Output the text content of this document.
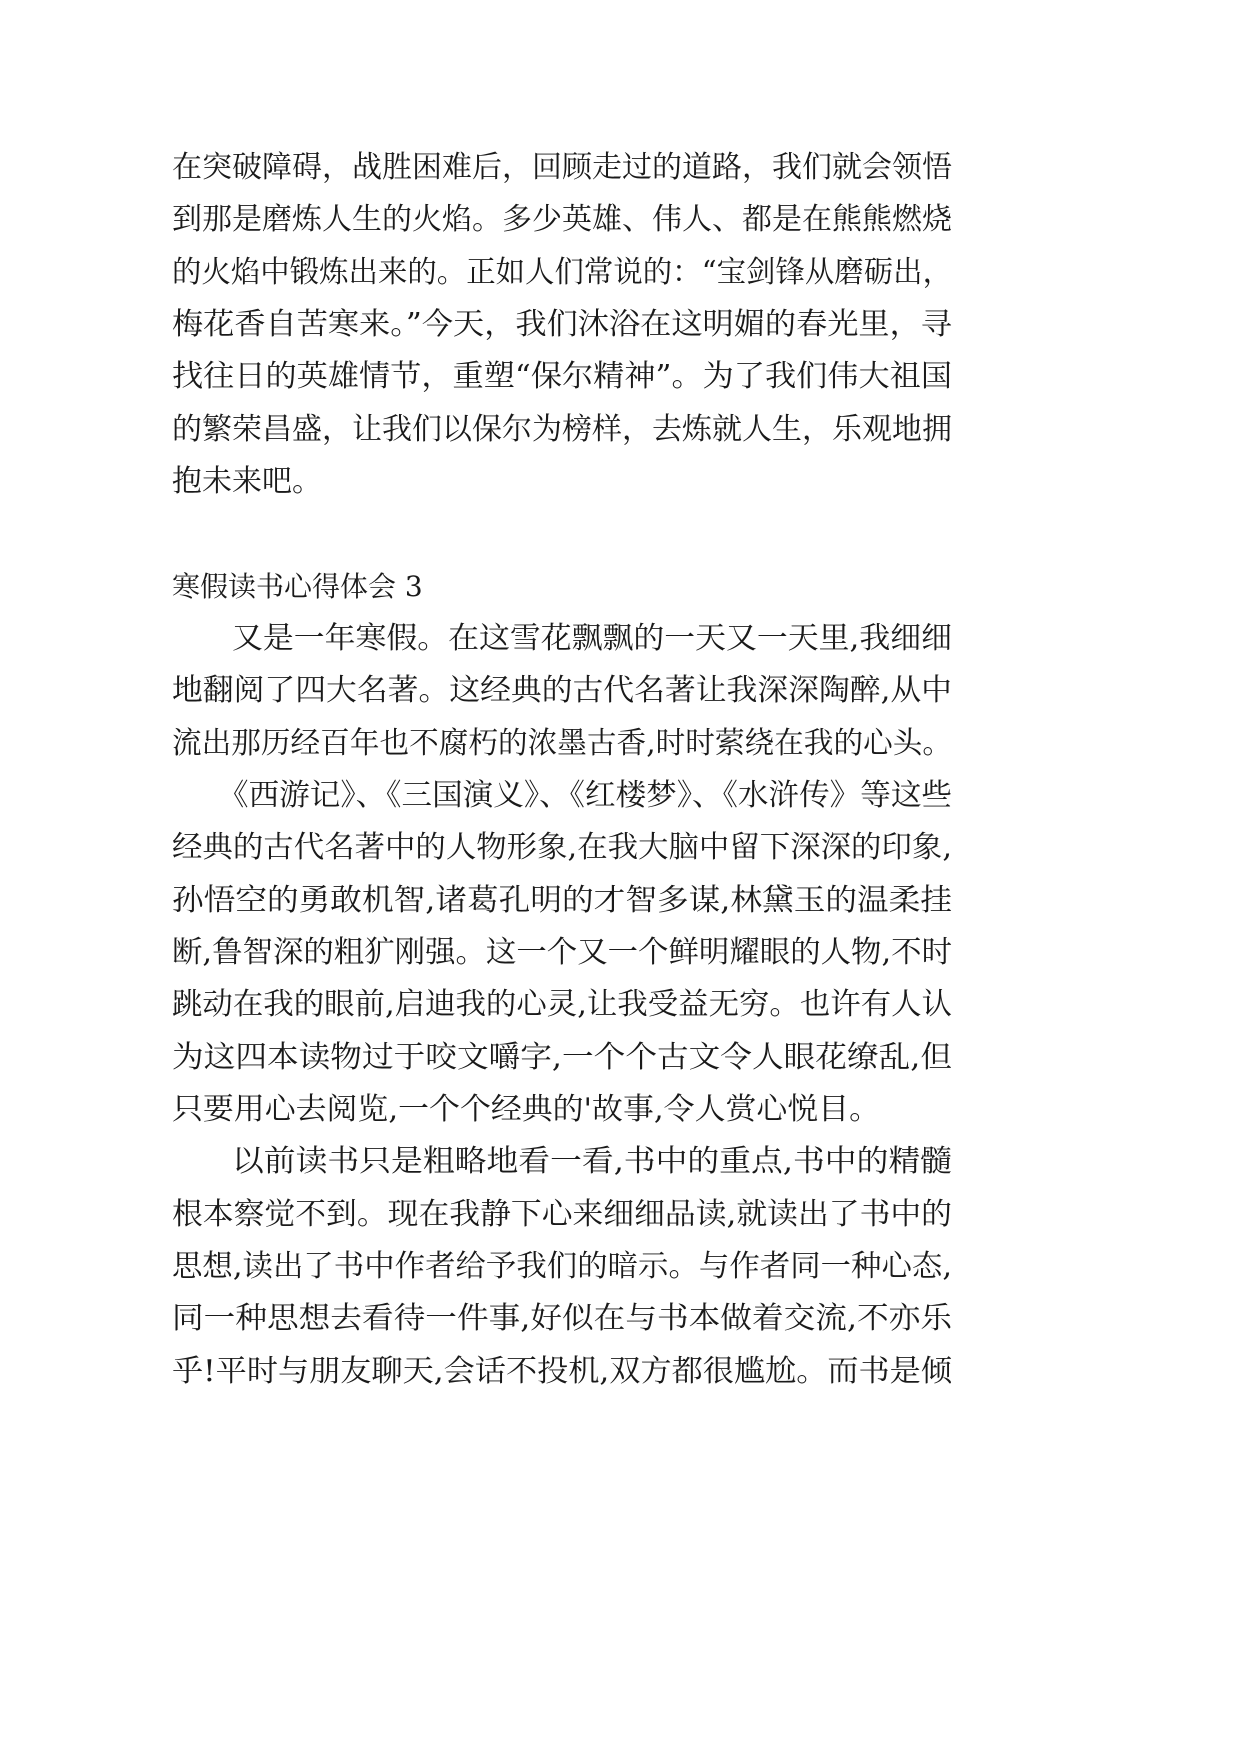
在突破障碍，战胜困难后，回顾走过的道路，我们就会领悟
到那是磨炼人生的火焰。多少英雄、伟人、都是在熊熊燃烧
的火焰中锻炼出来的。正如人们常说的：“宝剑锋从磨砺出，
梅花香自苦寒来。”今天，我们沐浴在这明媚的春光里，寻
找往日的英雄情节，重塑“保尔精神”。为了我们伟大祖国
的繁荣昌盛，让我们以保尔为榜样，去炼就人生，乐观地拥
抱未来吧。
寒假读书心得体会 3
又是一年寒假。在这雪花飘飘的一天又一天里,我细细
地翻阅了四大名著。这经典的古代名著让我深深陶醉,从中
流出那历经百年也不腐朽的浓墨古香,时时萦绕在我的心头。
《西游记》、《三国演义》、《红楼梦》、《水浒传》等这些
经典的古代名著中的人物形象,在我大脑中留下深深的印象,
孙悟空的勇敢机智,诸葛孔明的才智多谋,林黛玉的温柔挂
断,鲁智深的粗犷刚强。这一个又一个鲜明耀眼的人物,不时
跳动在我的眼前,启迪我的心灵,让我受益无穷。也许有人认
为这四本读物过于咬文嚼字,一个个古文令人眼花缭乱,但
只要用心去阅览,一个个经典的'故事,令人赏心悦目。
以前读书只是粗略地看一看,书中的重点,书中的精髓
根本察觉不到。现在我静下心来细细品读,就读出了书中的
思想,读出了书中作者给予我们的暗示。与作者同一种心态,
同一种思想去看待一件事,好似在与书本做着交流,不亦乐
乎!平时与朋友聊天,会话不投机,双方都很尴尬。而书是倾
